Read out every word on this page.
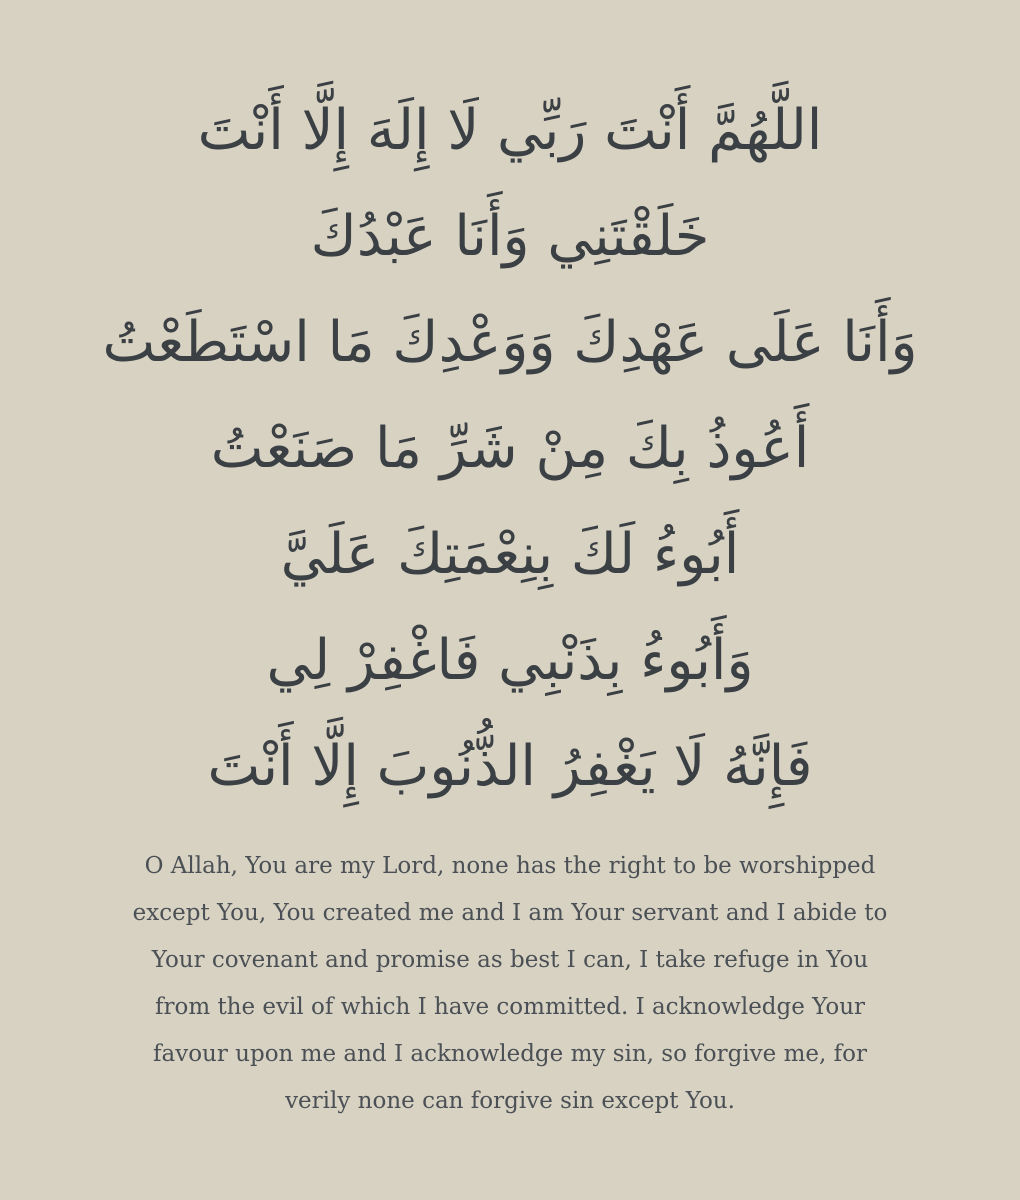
اللَّهُمَّ أَنْتَ رَبِّي لَا إِلَهَ إِلَّا أَنْتَ
خَلَقْتَنِي وَأَنَا عَبْدُكَ
وَأَنَا عَلَى عَهْدِكَ وَوَعْدِكَ مَا اسْتَطَعْتُ
أَعُوذُ بِكَ مِنْ شَرِّ مَا صَنَعْتُ
أَبُوءُ لَكَ بِنِعْمَتِكَ عَلَيَّ
وَأَبُوءُ بِذَنْبِي فَاغْفِرْ لِي
فَإِنَّهُ لَا يَغْفِرُ الذُّنُوبَ إِلَّا أَنْتَ
O Allah, You are my Lord, none has the right to be worshipped
except You, You created me and I am Your servant and I abide to
Your covenant and promise as best I can, I take refuge in You
from the evil of which I have committed. I acknowledge Your
favour upon me and I acknowledge my sin, so forgive me, for
verily none can forgive sin except You.
